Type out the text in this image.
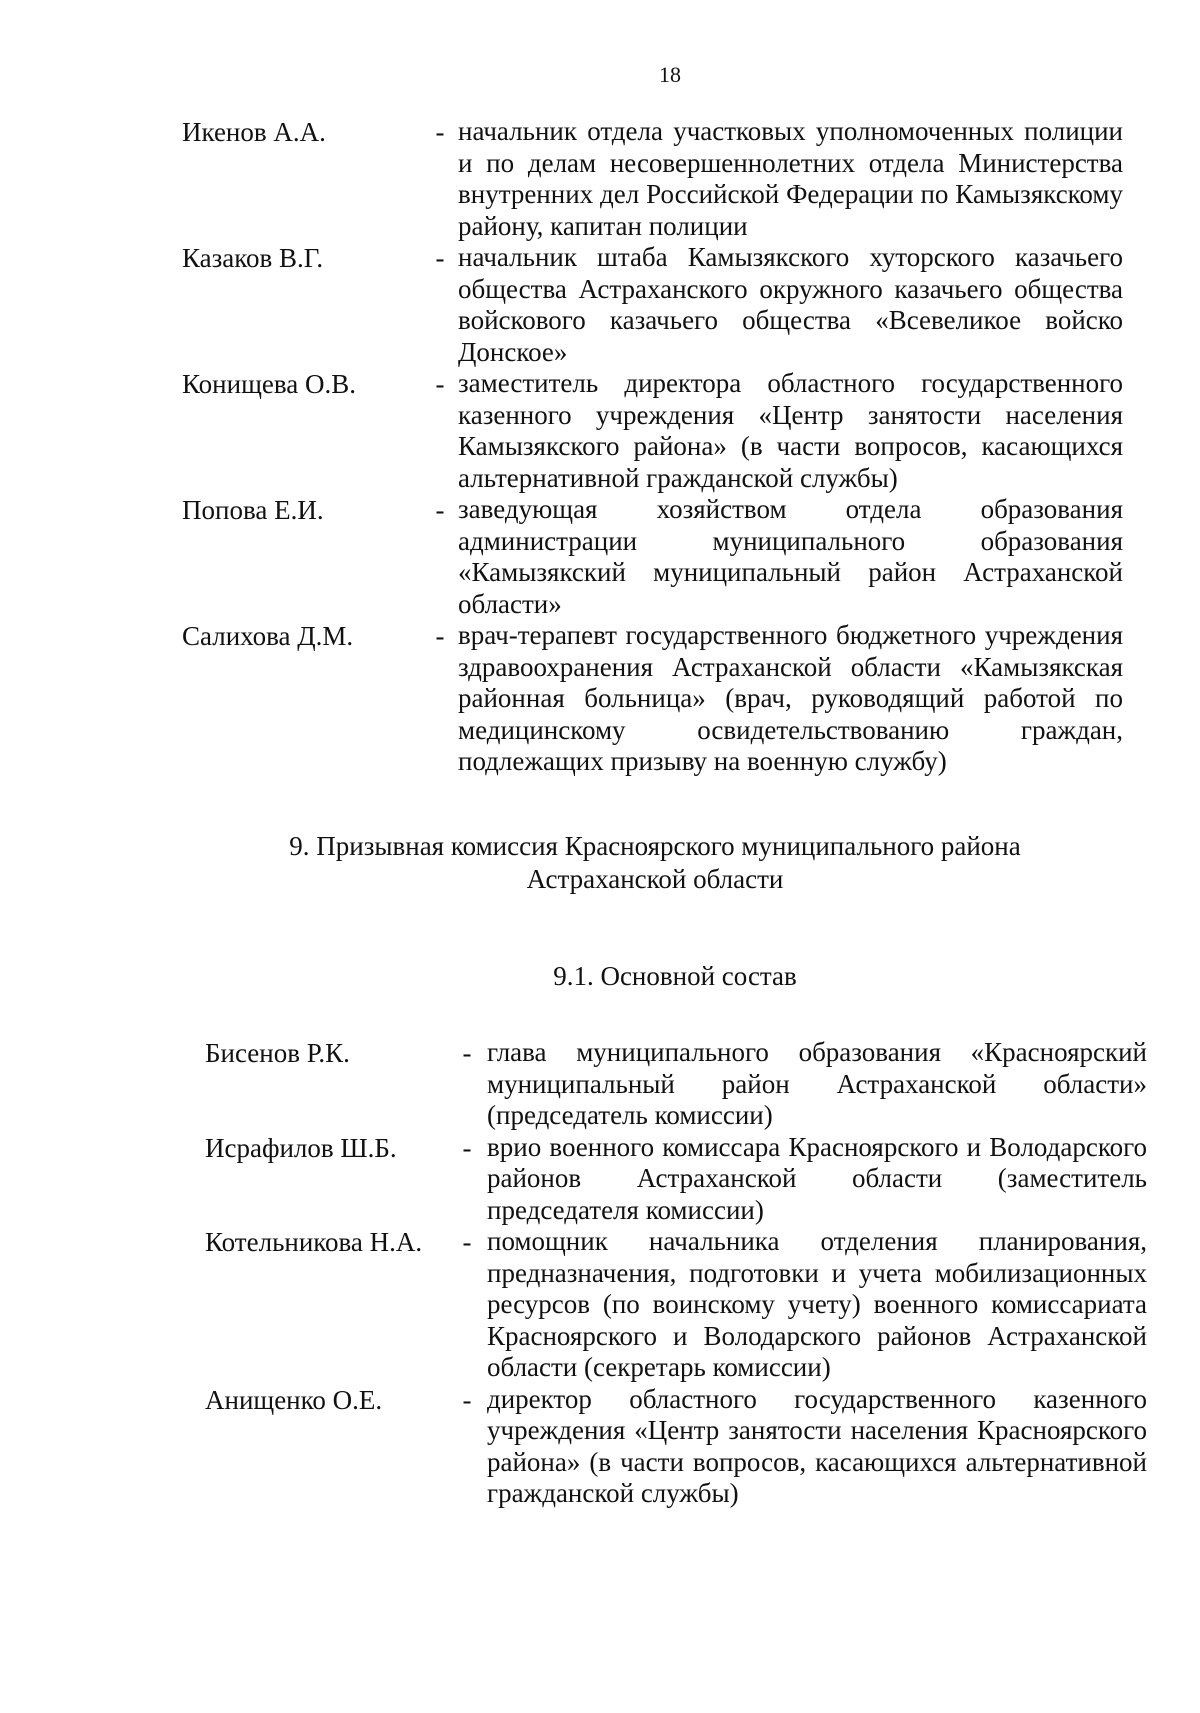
18
Икенов А.А.	- начальник отдела участковых уполномоченных полиции и по делам несовершеннолетних отдела Министерства внутренних дел Российской Федерации по Камызякскому району, капитан полиции
Казаков В.Г.	- начальник штаба Камызякского хуторского казачьего общества Астраханского окружного казачьего общества войскового казачьего общества «Всевеликое войско Донское»
Конищева О.В.	- заместитель директора областного государственного казенного учреждения «Центр занятости населения Камызякского района» (в части вопросов, касающихся альтернативной гражданской службы)
Попова Е.И.	- заведующая хозяйством отдела образования администрации муниципального образования «Камызякский муниципальный район Астраханской области»
Салихова Д.М.	- врач-терапевт государственного бюджетного учреждения здравоохранения Астраханской области «Камызякская районная больница» (врач, руководящий работой по медицинскому освидетельствованию граждан, подлежащих призыву на военную службу)
9. Призывная комиссия Красноярского муниципального района
Астраханской области
9.1. Основной состав
Бисенов Р.К.	- глава муниципального образования «Красноярский муниципальный район Астраханской области» (председатель комиссии)
Исрафилов Ш.Б.	- врио военного комиссара Красноярского и Володарского районов Астраханской области (заместитель председателя комиссии)
Котельникова Н.А.	- помощник начальника отделения планирования, предназначения, подготовки и учета мобилизационных ресурсов (по воинскому учету) военного комиссариата Красноярского и Володарского районов Астраханской области (секретарь комиссии)
Анищенко О.Е.	- директор областного государственного казенного учреждения «Центр занятости населения Красноярского района» (в части вопросов, касающихся альтернативной гражданской службы)
